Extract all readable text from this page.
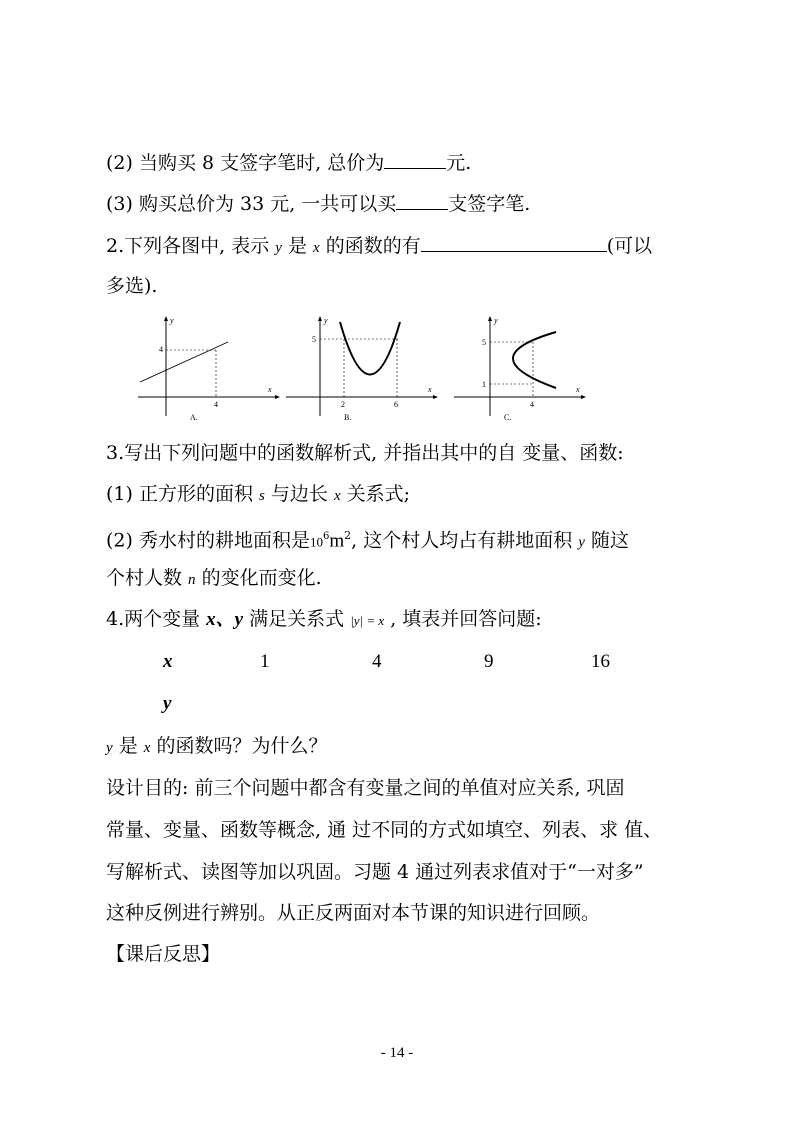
(2) 当购买 8 支签字笔时, 总价为	元.
(3) 购买总价为 33 元, 一共可以买	支签字笔.
2.下列各图中, 表示 y 是 x 的函数的有	(可以
多选).
y
x
4
4
A.
y
x
5
2	6
B.
y
x
5
1
4
C.
3.写出下列问题中的函数解析式, 并指出其中的自 变量、函数:
(1) 正方形的面积 s 与边长 x 关系式;
(2) 秀水村的耕地面积是$10^6m^2$, 这个村人均占有耕地面积 y 随这
个村人数 n 的变化而变化.
4.两个变量 x、y 满足关系式 |y| = x , 填表并回答问题:
x	1	4	9	16
y
y 是 x 的函数吗？为什么？
设计目的: 前三个问题中都含有变量之间的单值对应关系, 巩固
常量、变量、函数等概念, 通 过不同的方式如填空、列表、求 值、
写解析式、读图等加以巩固。习题 4 通过列表求值对于“一对多”
这种反例进行辨别。从正反两面对本节课的知识进行回顾。
【课后反思】
- 14 -
